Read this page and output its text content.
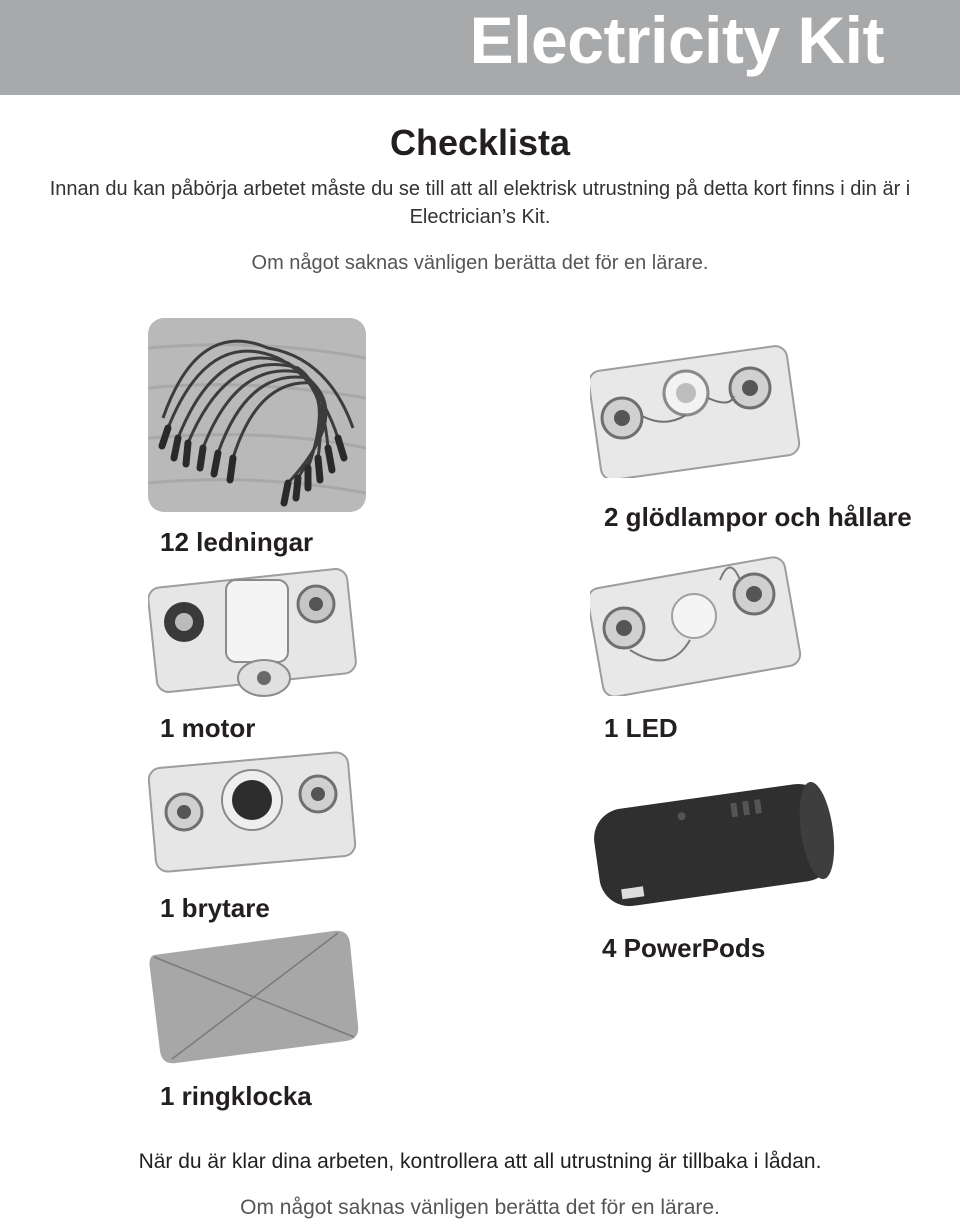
Electricity Kit
Checklista

Innan du kan påbörja arbetet måste du se till att all elektrisk utrustning på detta kort finns i din är i Electrician’s Kit.

Om något saknas vänligen berätta det för en lärare.

12 ledningar

2 glödlampor och hållare

1 motor	1 LED

1 brytare

4 PowerPods

1 ringklocka

När du är klar dina arbeten, kontrollera att all utrustning är tillbaka i lådan.

Om något saknas vänligen berätta det för en lärare.
